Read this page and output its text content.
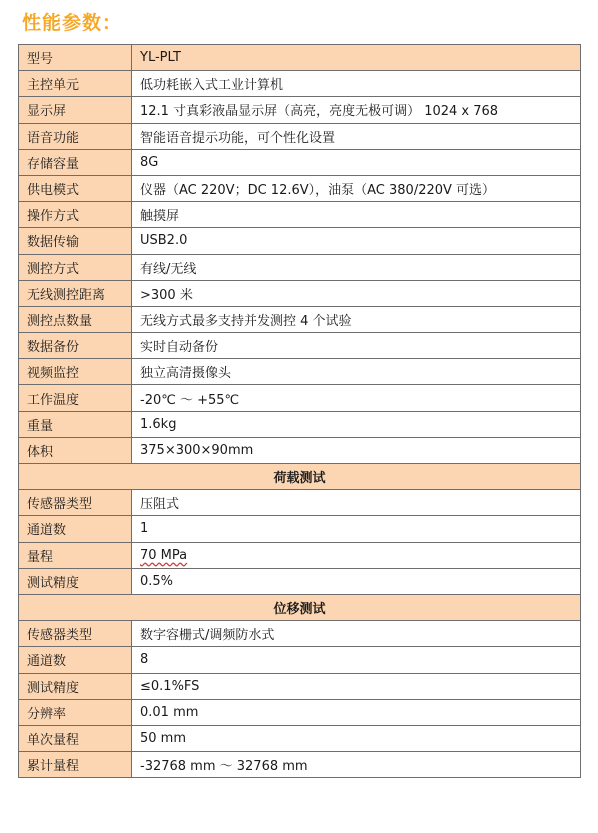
性能参数：
型号	YL-PLT
主控单元	低功耗嵌入式工业计算机
显示屏	12.1 寸真彩液晶显示屏（高亮，亮度无极可调） 1024 x 768
语音功能	智能语音提示功能，可个性化设置
存储容量	8G
供电模式	仪器（AC 220V；DC 12.6V），油泵（AC 380/220V 可选）
操作方式	触摸屏
数据传输	USB2.0
测控方式	有线/无线
无线测控距离	>300 米
测控点数量	无线方式最多支持并发测控 4 个试验
数据备份	实时自动备份
视频监控	独立高清摄像头
工作温度	-20℃ ～ +55℃
重量	1.6kg
体积	375×300×90mm
荷载测试	
传感器类型	压阻式
通道数	1
量程	70 MPa
测试精度	0.5%
位移测试	
传感器类型	数字容栅式/调频防水式
通道数	8
测试精度	≤0.1%FS
分辨率	0.01 mm
单次量程	50 mm
累计量程	-32768 mm ～ 32768 mm
